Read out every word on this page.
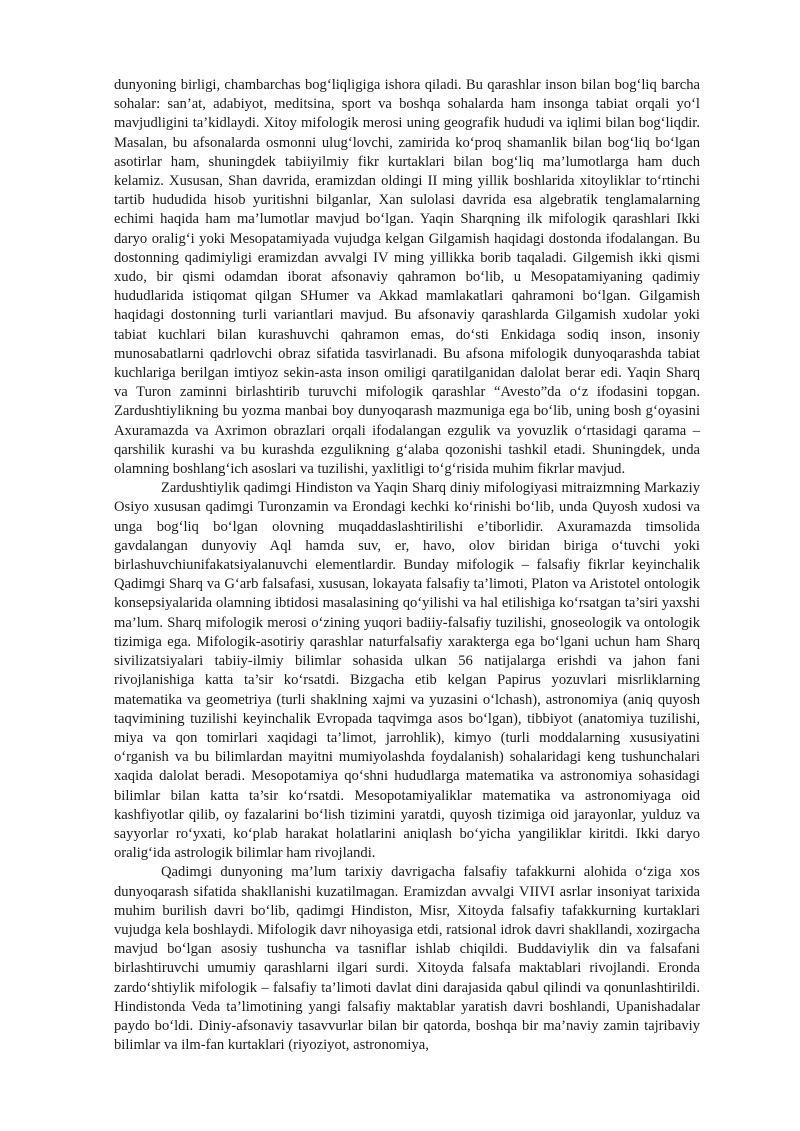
dunyoning birligi, chambarchas bog‘liqligiga ishora qiladi. Bu qarashlar inson bilan bog‘liq barcha sohalar: san’at, adabiyot, meditsina, sport va boshqa sohalarda ham insonga tabiat orqali yo‘l mavjudligini ta’kidlaydi. Xitoy mifologik merosi uning geografik hududi va iqlimi bilan bog‘liqdir. Masalan, bu afsonalarda osmonni ulug‘lovchi, zamirida ko‘proq shamanlik bilan bog‘liq bo‘lgan asotirlar ham, shuningdek tabiiyilmiy fikr kurtaklari bilan bog‘liq ma’lumotlarga ham duch kelamiz. Xususan, Shan davrida, eramizdan oldingi II ming yillik boshlarida xitoyliklar to‘rtinchi tartib hududida hisob yuritishni bilganlar, Xan sulolasi davrida esa algebratik tenglamalarning echimi haqida ham ma’lumotlar mavjud bo‘lgan. Yaqin Sharqning ilk mifologik qarashlari Ikki daryo oralig‘i yoki Mesopatamiyada vujudga kelgan Gilgamish haqidagi dostonda ifodalangan. Bu dostonning qadimiyligi eramizdan avvalgi IV ming yillikka borib taqaladi. Gilgemish ikki qismi xudo, bir qismi odamdan iborat afsonaviy qahramon bo‘lib, u Mesopatamiyaning qadimiy hududlarida istiqomat qilgan SHumer va Akkad mamlakatlari qahramoni bo‘lgan. Gilgamish haqidagi dostonning turli variantlari mavjud. Bu afsonaviy qarashlarda Gilgamish xudolar yoki tabiat kuchlari bilan kurashuvchi qahramon emas, do‘sti Enkidaga sodiq inson, insoniy munosabatlarni qadrlovchi obraz sifatida tasvirlanadi. Bu afsona mifologik dunyoqarashda tabiat kuchlariga berilgan imtiyoz sekin-asta inson omiligi qaratilganidan dalolat berar edi. Yaqin Sharq va Turon zaminni birlashtirib turuvchi mifologik qarashlar “Avesto”da o‘z ifodasini topgan. Zardushtiylikning bu yozma manbai boy dunyoqarash mazmuniga ega bo‘lib, uning bosh g‘oyasini Axuramazda va Axrimon obrazlari orqali ifodalangan ezgulik va yovuzlik o‘rtasidagi qarama – qarshilik kurashi va bu kurashda ezgulikning g‘alaba qozonishi tashkil etadi. Shuningdek, unda olamning boshlang‘ich asoslari va tuzilishi, yaxlitligi to‘g‘risida muhim fikrlar mavjud.

Zardushtiylik qadimgi Hindiston va Yaqin Sharq diniy mifologiyasi mitraizmning Markaziy Osiyo xususan qadimgi Turonzamin va Erondagi kechki ko‘rinishi bo‘lib, unda Quyosh xudosi va unga bog‘liq bo‘lgan olovning muqaddaslashtirilishi e’tiborlidir. Axuramazda timsolida gavdalangan dunyoviy Aql hamda suv, er, havo, olov biridan biriga o‘tuvchi yoki birlashuvchiunifakatsiyalanuvchi elementlardir. Bunday mifologik – falsafiy fikrlar keyinchalik Qadimgi Sharq va G‘arb falsafasi, xususan, lokayata falsafiy ta’limoti, Platon va Aristotel ontologik konsepsiyalarida olamning ibtidosi masalasining qo‘yilishi va hal etilishiga ko‘rsatgan ta’siri yaxshi ma’lum. Sharq mifologik merosi o‘zining yuqori badiiy-falsafiy tuzilishi, gnoseologik va ontologik tizimiga ega. Mifologik-asotiriy qarashlar naturfalsafiy xarakterga ega bo‘lgani uchun ham Sharq sivilizatsiyalari tabiiy-ilmiy bilimlar sohasida ulkan 56 natijalarga erishdi va jahon fani rivojlanishiga katta ta’sir ko‘rsatdi. Bizgacha etib kelgan Papirus yozuvlari misrliklarning matematika va geometriya (turli shaklning xajmi va yuzasini o‘lchash), astronomiya (aniq quyosh taqvimining tuzilishi keyinchalik Evropada taqvimga asos bo‘lgan), tibbiyot (anatomiya tuzilishi, miya va qon tomirlari xaqidagi ta’limot, jarrohlik), kimyo (turli moddalarning xususiyatini o‘rganish va bu bilimlardan mayitni mumiyolashda foydalanish) sohalaridagi keng tushunchalari xaqida dalolat beradi. Mesopotamiya qo‘shni hududlarga matematika va astronomiya sohasidagi bilimlar bilan katta ta’sir ko‘rsatdi. Mesopotamiyaliklar matematika va astronomiyaga oid kashfiyotlar qilib, oy fazalarini bo‘lish tizimini yaratdi, quyosh tizimiga oid jarayonlar, yulduz va sayyorlar ro‘yxati, ko‘plab harakat holatlarini aniqlash bo‘yicha yangiliklar kiritdi. Ikki daryo oralig‘ida astrologik bilimlar ham rivojlandi.

Qadimgi dunyoning ma’lum tarixiy davrigacha falsafiy tafakkurni alohida o‘ziga xos dunyoqarash sifatida shakllanishi kuzatilmagan. Eramizdan avvalgi VIIVI asrlar insoniyat tarixida muhim burilish davri bo‘lib, qadimgi Hindiston, Misr, Xitoyda falsafiy tafakkurning kurtaklari vujudga kela boshlaydi. Mifologik davr nihoyasiga etdi, ratsional idrok davri shakllandi, xozirgacha mavjud bo‘lgan asosiy tushuncha va tasniflar ishlab chiqildi. Buddaviylik din va falsafani birlashtiruvchi umumiy qarashlarni ilgari surdi. Xitoyda falsafa maktablari rivojlandi. Eronda zardo‘shtiylik mifologik – falsafiy ta’limoti davlat dini darajasida qabul qilindi va qonunlashtirildi. Hindistonda Veda ta’limotining yangi falsafiy maktablar yaratish davri boshlandi, Upanishadalar paydo bo‘ldi. Diniy-afsonaviy tasavvurlar bilan bir qatorda, boshqa bir ma’naviy zamin tajribaviy bilimlar va ilm-fan kurtaklari (riyoziyot, astronomiya,
